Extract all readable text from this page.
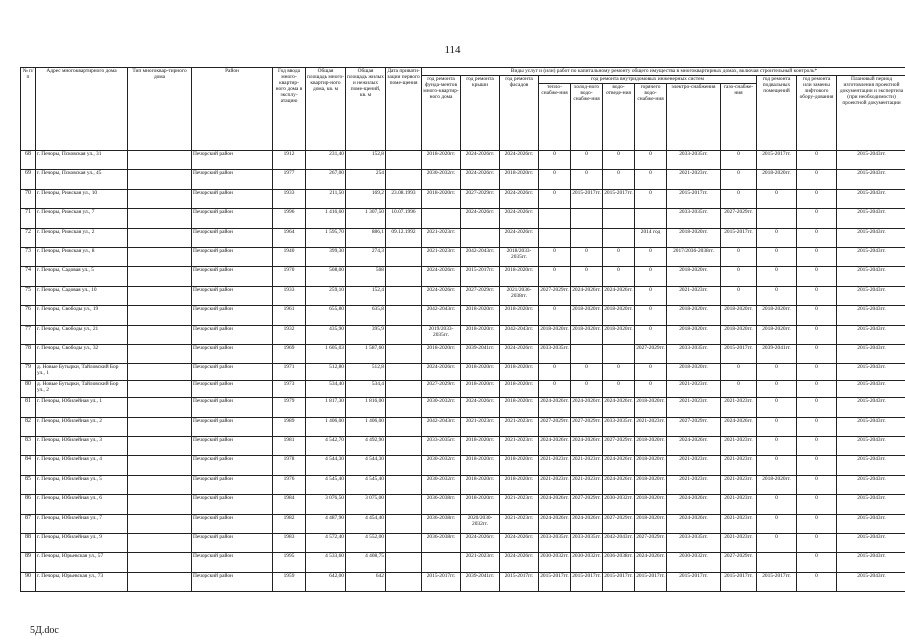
114
№ п/п	Адрес многоквартирного дома	Тип многоквар-тирного дома	Район	Год ввода много-квартир-ного дома в эксплу-атацию	Общая площадь много-квартир-ного дома, кв. м	Общая площадь жилых и нежилых поме-щений, кв. м	Дата привати-зации первого поме-щения	Виды услуг и (или) работ по капитальному ремонту общего имущества в многоквартирных домах, включая строительный контроль*											
								год ремонта фунда-ментов много-квартир-ного дома	год ремонта крыши	год ремонта фасадов	год ремонта внутридомовых инженерных систем						год ремонта подвальных помещений	год ремонта или замены лифтового обору-дования	Плановый период изготовления проектной документации и экспертиза (при необходимости) проектной документации
											тепло-снабже-ния	холод-ного водо-снабже-ния	водо-отведе-ния	горячего водо-снабже-ния	электро-снабжения	газо-снабже-ния			
68	г. Печоры, Псковская ул., 31		Печорский район	1912	231,40	152,8		2018-2020гг.	2024-2026гг.	2024-2026гг.	0	0	0	0	2033-2035гг.	0	2015-2017гг.	0	2015-2043гг.
69	г. Печоры, Псковская ул., 45		Печорский район	1977	267,00	254		2030-2032гг.	2024-2026гг.	2018-2020гг.	0	0	0	0	2021-2023гг.	0	2018-2020гг.	0	2015-2043гг.
70	г. Печоры, Рижская ул., 10		Печорский район	1933	211,50	169,2	23.08.1993	2018-2020гг.	2027-2029гг.	2024-2026гг.	0	2015-2017гг.	2015-2017гг.	0	2015-2017гг.	0	0	0	2015-2043гг.
71	г. Печоры, Рижская ул., 7		Печорский район	1996	1 416,60	1 307,50	10.07.1996		2024-2026гг.	2024-2026гг.					2033-2035гг.	2027-2029гг.		0	2015-2043гг.
72	г. Печоры, Рижская ул., 2		Печорский район	1964	1 595,70	886,1	09.12.1992	2021-2023гг.		2024-2026гг.				2014 год	2018-2020гг.	2015-2017гг.	0	0	2015-2043гг.
73	г. Печоры, Рижская ул., 8		Печорский район	1940	399,30	274,3		2021-2023гг.	2042-2043гг.	2018/2033-2035гг.	0	0	0	0	2017/2036-2038гг.	0	0	0	2015-2043гг.
74	г. Печоры, Садовая ул., 5		Печорский район	1970	508,00	508		2024-2026гг.	2015-2017гг.	2018-2020гг.	0	0	0	0	2018-2020гг.	0	0	0	2015-2043гг.
75	г. Печоры, Садовая ул., 10		Печорский район	1933	259,10	152,4		2024-2026гг.	2027-2029гг.	2021/2036-2038гг.	2027-2029гг.	2024-2026гг.	2024-2026гг.	0	2021-2023гг.	0	0	0	2015-2043гг.
76	г. Печоры, Свободы ул., 19		Печорский район	1961	655,80	635,8		2042-2043гг.	2018-2020гг.	2018-2020гг.	0	2018-2020гг.	2018-2020гг.	0	2018-2020гг.	2018-2020гг.	2018-2020гг.	0	2015-2043гг.
77	г. Печоры, Свободы ул., 21		Печорский район	1932	435,90	395,9		2019/2033-2035гг.	2018-2020гг.	2042-2043гг.	2018-2020гг.	2018-2020гг.	2018-2020гг.	0	2018-2020гг.	2018-2020гг.	2018-2020гг.	0	2015-2043гг.
78	г. Печоры, Свободы ул., 32		Печорский район	1969	1 605,03	1 587,60		2018-2020гг.	2039-2041гг.	2024-2026гг.	2033-2035гг.			2027-2029гг.	2033-2035гг.	2015-2017гг.	2039-2041гг.	0	2015-2043гг.
79	д. Новые Бутырки, Тайловский Бор ул., 1		Печорский район	1971	512,80	512,8		2024-2026гг.	2018-2020гг.	2018-2020гг.	0	0	0	0	2018-2020гг.	0	0	0	2015-2043гг.
80	д. Новые Бутырки, Тайловский Бор ул., 2		Печорский район	1973	534,40	534,4		2027-2029гг.	2018-2020гг.	2018-2020гг.	0	0	0	0	2021-2023гг.	0	0	0	2015-2043гг.
81	г. Печоры, Юбилейная ул., 1		Печорский район	1979	1 817,30	1 816,00		2030-2032гг.	2024-2026гг.	2018-2020гг.	2024-2026гг.	2024-2026гг.	2024-2026гг.	2018-2020гг.	2021-2023гг.	2021-2023гг.	0	0	2015-2043гг.
82	г. Печоры, Юбилейная ул., 2		Печорский район	1989	1 406,00	1 406,00		2042-2043гг.	2021-2023гг.	2021-2023гг.	2027-2029гг.	2027-2029гг.	2033-2035гг.	2021-2023гг.	2027-2029гг.	2024-2026гг.	0	0	2015-2043гг.
83	г. Печоры, Юбилейная ул., 3		Печорский район	1981	4 542,70	4 492,90		2033-2035гг.	2018-2020гг.	2021-2023гг.	2024-2026гг.	2024-2026гг.	2027-2029гг.	2018-2020гг.	2024-2026гг.	2021-2023гг.	0	0	2015-2043гг.
84	г. Печоры, Юбилейная ул., 4		Печорский район	1978	4 544,30	4 544,30		2030-2032гг.	2018-2020гг.	2018-2020гг.	2021-2023гг.	2021-2023гг.	2024-2026гг.	2018-2020гг.	2021-2023гг.	2021-2023гг.	0	0	2015-2043гг.
85	г. Печоры, Юбилейная ул., 5		Печорский район	1976	4 545,40	4 545,40		2030-2032гг.	2018-2020гг.	2018-2020гг.	2021-2023гг.	2021-2023гг.	2024-2026гг.	2018-2020гг.	2021-2023гг.	2021-2023гг.	2018-2020гг.	0	2015-2043гг.
86	г. Печоры, Юбилейная ул., 6		Печорский район	1984	3 076,50	3 075,00		2036-2038гг.	2018-2020гг.	2021-2023гг.	2024-2026гг.	2027-2029гг.	2030-2032гг.	2018-2020гг.	2024-2026гг.	2021-2023гг.	0	0	2015-2043гг.
87	г. Печоры, Юбилейная ул., 7		Печорский район	1982	4 487,90	4 454,40		2036-2038гг.	2020/2030-2032гг.	2021-2023гг.	2024-2026гг.	2024-2026гг.	2027-2029гг.	2018-2020гг.	2024-2026гг.	2021-2023гг.	0	0	2015-2043гг.
88	г. Печоры, Юбилейная ул., 9		Печорский район	1983	4 572,40	4 552,00		2036-2038гг.	2024-2026гг.	2024-2026гг.	2033-2035гг.	2033-2035гг.	2042-2043гг.	2027-2029гг.	2033-2035гг.	2021-2023гг.	0	0	2015-2043гг.
89	г. Печоры, Юрьевская ул., 57		Печорский район	1995	4 533,60	4 408,75			2021-2023гг.	2024-2026гг.	2030-2032гг.	2030-2032гг.	2036-2038гг.	2024-2026гг.	2030-2032гг.	2027-2029гг.		0	2015-2043гг.
90	г. Печоры, Юрьевская ул., 73		Печорский район	1959	642,00	642		2015-2017гг.	2039-2041гг.	2015-2017гг.	2015-2017гг.	2015-2017гг.	2015-2017гг.	2015-2017гг.	2015-2017гг.	2015-2017гг.	2015-2017гг.	0	2015-2043гг.
5Д.doc
